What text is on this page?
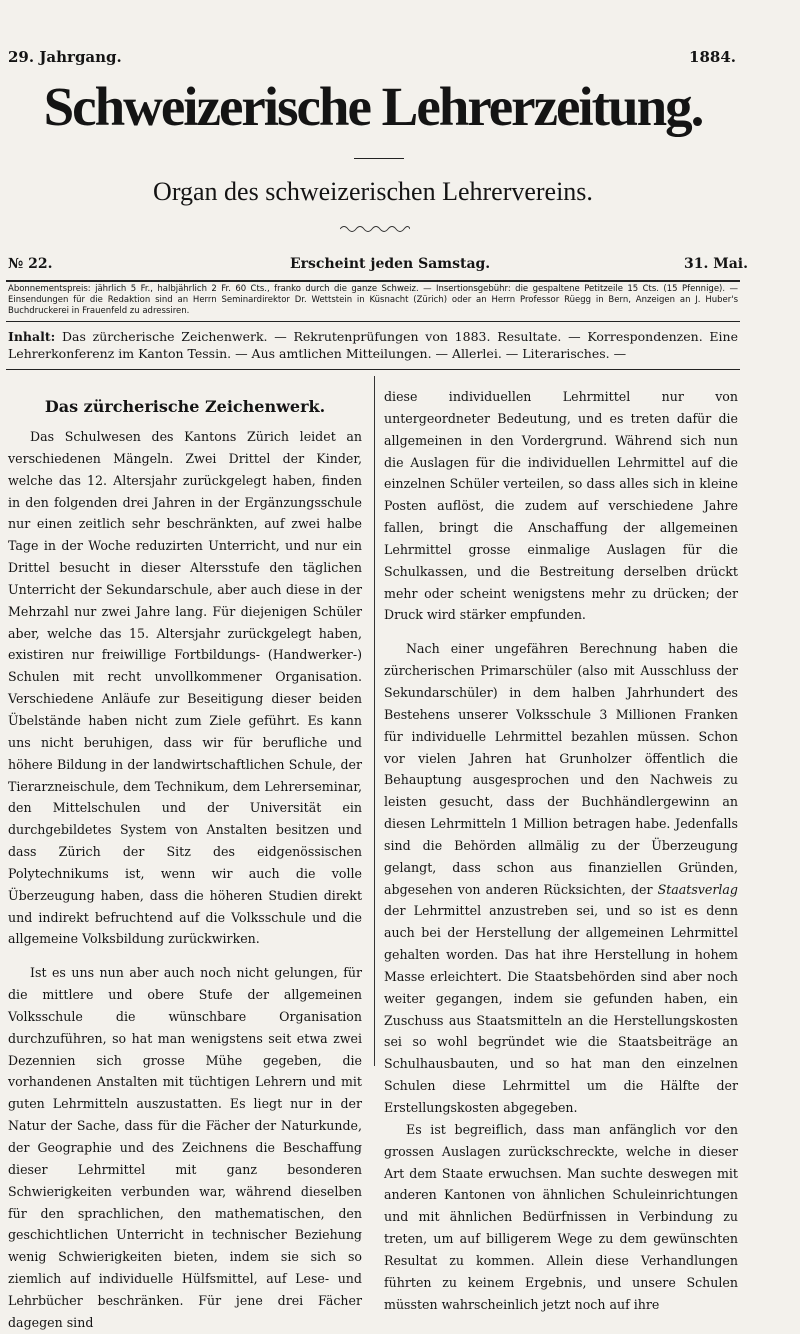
29. Jahrgang.	1884.
Schweizerische Lehrerzeitung.
Organ des schweizerischen Lehrervereins.
№ 22.	Erscheint jeden Samstag.	31. Mai.
Abonnementspreis: jährlich 5 Fr., halbjährlich 2 Fr. 60 Cts., franko durch die ganze Schweiz. — Insertionsgebühr: die gespaltene Petitzeile 15 Cts. (15 Pfennige). — Einsendungen für die Redaktion sind an Herrn Seminardirektor Dr. Wettstein in Küsnacht (Zürich) oder an Herrn Professor Rüegg in Bern, Anzeigen an J. Huber's Buchdruckerei in Frauenfeld zu adressiren.
Inhalt: Das zürcherische Zeichenwerk. — Rekrutenprüfungen von 1883. Resultate. — Korrespondenzen. Eine Lehrerkonferenz im Kanton Tessin. — Aus amtlichen Mitteilungen. — Allerlei. — Literarisches. —
Das zürcherische Zeichenwerk.

Das Schulwesen des Kantons Zürich leidet an verschiedenen Mängeln. Zwei Drittel der Kinder, welche das 12. Altersjahr zurückgelegt haben, finden in den folgenden drei Jahren in der Ergänzungsschule nur einen zeitlich sehr beschränkten, auf zwei halbe Tage in der Woche reduzirten Unterricht, und nur ein Drittel besucht in dieser Altersstufe den täglichen Unterricht der Sekundarschule, aber auch diese in der Mehrzahl nur zwei Jahre lang. Für diejenigen Schüler aber, welche das 15. Altersjahr zurückgelegt haben, existiren nur freiwillige Fortbildungs- (Handwerker-) Schulen mit recht unvollkommener Organisation. Verschiedene Anläufe zur Beseitigung dieser beiden Übelstände haben nicht zum Ziele geführt. Es kann uns nicht beruhigen, dass wir für berufliche und höhere Bildung in der landwirtschaftlichen Schule, der Tierarzneischule, dem Technikum, dem Lehrerseminar, den Mittelschulen und der Universität ein durchgebildetes System von Anstalten besitzen und dass Zürich der Sitz des eidgenössischen Polytechnikums ist, wenn wir auch die volle Überzeugung haben, dass die höheren Studien direkt und indirekt befruchtend auf die Volksschule und die allgemeine Volksbildung zurückwirken.

Ist es uns nun aber auch noch nicht gelungen, für die mittlere und obere Stufe der allgemeinen Volksschule die wünschbare Organisation durchzuführen, so hat man wenigstens seit etwa zwei Dezennien sich grosse Mühe gegeben, die vorhandenen Anstalten mit tüchtigen Lehrern und mit guten Lehrmitteln auszustatten. Es liegt nur in der Natur der Sache, dass für die Fächer der Naturkunde, der Geographie und des Zeichnens die Beschaffung dieser Lehrmittel mit ganz besonderen Schwierigkeiten verbunden war, während dieselben für den sprachlichen, den mathematischen, den geschichtlichen Unterricht in technischer Beziehung wenig Schwierigkeiten bieten, indem sie sich so ziemlich auf individuelle Hülfsmittel, auf Lese- und Lehrbücher beschränken. Für jene drei Fächer dagegen sind

diese individuellen Lehrmittel nur von untergeordneter Bedeutung, und es treten dafür die allgemeinen in den Vordergrund. Während sich nun die Auslagen für die individuellen Lehrmittel auf die einzelnen Schüler verteilen, so dass alles sich in kleine Posten auflöst, die zudem auf verschiedene Jahre fallen, bringt die Anschaffung der allgemeinen Lehrmittel grosse einmalige Auslagen für die Schulkassen, und die Bestreitung derselben drückt mehr oder scheint wenigstens mehr zu drücken; der Druck wird stärker empfunden.

Nach einer ungefähren Berechnung haben die zürcherischen Primarschüler (also mit Ausschluss der Sekundarschüler) in dem halben Jahrhundert des Bestehens unserer Volksschule 3 Millionen Franken für individuelle Lehrmittel bezahlen müssen. Schon vor vielen Jahren hat Grunholzer öffentlich die Behauptung ausgesprochen und den Nachweis zu leisten gesucht, dass der Buchhändlergewinn an diesen Lehrmitteln 1 Million betragen habe. Jedenfalls sind die Behörden allmälig zu der Überzeugung gelangt, dass schon aus finanziellen Gründen, abgesehen von anderen Rücksichten, der Staatsverlag der Lehrmittel anzustreben sei, und so ist es denn auch bei der Herstellung der allgemeinen Lehrmittel gehalten worden. Das hat ihre Herstellung in hohem Masse erleichtert. Die Staatsbehörden sind aber noch weiter gegangen, indem sie gefunden haben, ein Zuschuss aus Staatsmitteln an die Herstellungskosten sei so wohl begründet wie die Staatsbeiträge an Schulhausbauten, und so hat man den einzelnen Schulen diese Lehrmittel um die Hälfte der Erstellungskosten abgegeben.

Es ist begreiflich, dass man anfänglich vor den grossen Auslagen zurückschreckte, welche in dieser Art dem Staate erwuchsen. Man suchte deswegen mit anderen Kantonen von ähnlichen Schuleinrichtungen und mit ähnlichen Bedürfnissen in Verbindung zu treten, um auf billigerem Wege zu dem gewünschten Resultat zu kommen. Allein diese Verhandlungen führten zu keinem Ergebnis, und unsere Schulen müssten wahrscheinlich jetzt noch auf ihre
